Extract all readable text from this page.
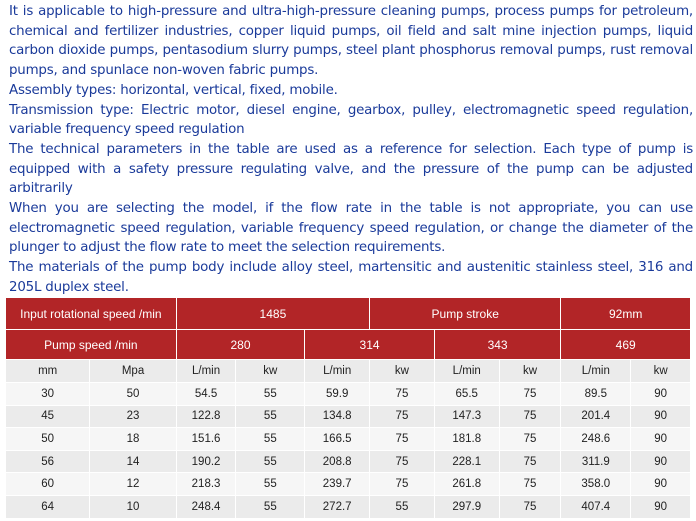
It is applicable to high-pressure and ultra-high-pressure cleaning pumps, process pumps for petroleum, chemical and fertilizer industries, copper liquid pumps, oil field and salt mine injection pumps, liquid carbon dioxide pumps, pentasodium slurry pumps, steel plant phosphorus removal pumps, rust removal pumps, and spunlace non-woven fabric pumps.

Assembly types: horizontal, vertical, fixed, mobile.

Transmission type: Electric motor, diesel engine, gearbox, pulley, electromagnetic speed regulation, variable frequency speed regulation

The technical parameters in the table are used as a reference for selection. Each type of pump is equipped with a safety pressure regulating valve, and the pressure of the pump can be adjusted arbitrarily

When you are selecting the model, if the flow rate in the table is not appropriate, you can use electromagnetic speed regulation, variable frequency speed regulation, or change the diameter of the plunger to adjust the flow rate to meet the selection requirements.

The materials of the pump body include alloy steel, martensitic and austenitic stainless steel, 316 and 205L duplex steel.

Input rotational speed /min		1485			Pump stroke			92mm	
Pump speed /min		280		314		343		469	
mm	Mpa	L/min	kw	L/min	kw	L/min	kw	L/min	kw
30	50	54.5	55	59.9	75	65.5	75	89.5	90
45	23	122.8	55	134.8	75	147.3	75	201.4	90
50	18	151.6	55	166.5	75	181.8	75	248.6	90
56	14	190.2	55	208.8	75	228.1	75	311.9	90
60	12	218.3	55	239.7	75	261.8	75	358.0	90
64	10	248.4	55	272.7	55	297.9	75	407.4	90
